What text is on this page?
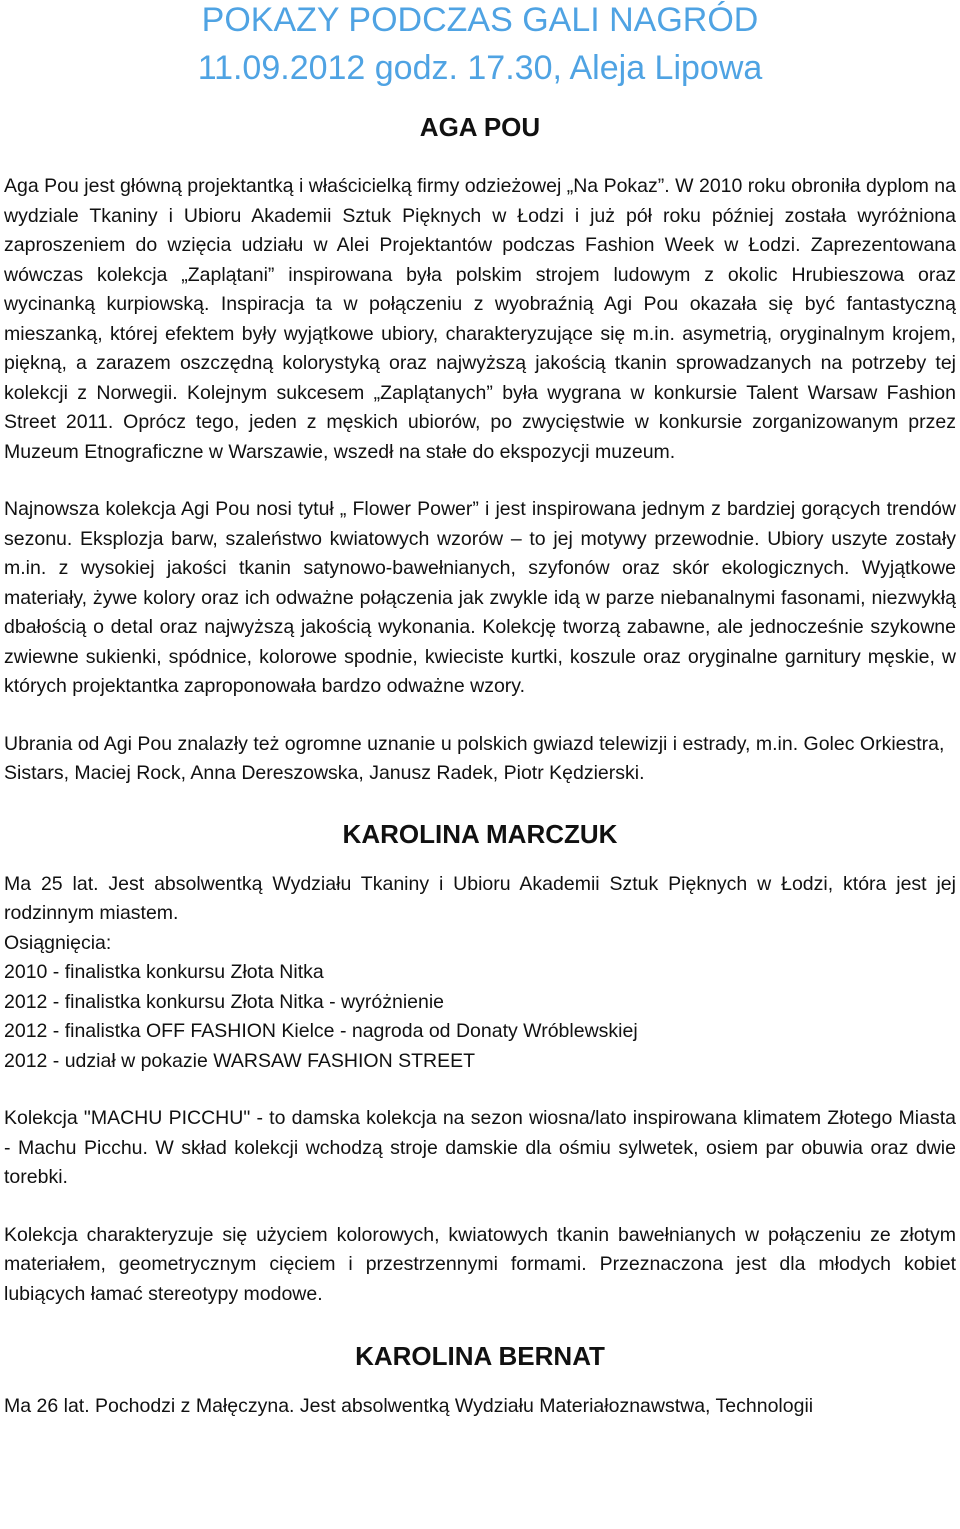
POKAZY PODCZAS GALI NAGRÓD
11.09.2012 godz. 17.30, Aleja Lipowa
AGA POU

Aga Pou jest główną projektantką i właścicielką firmy odzieżowej „Na Pokaz”. W 2010 roku obroniła dyplom na wydziale Tkaniny i Ubioru Akademii Sztuk Pięknych w Łodzi i już pół roku później została wyróżniona zaproszeniem do wzięcia udziału w Alei Projektantów podczas Fashion Week w Łodzi. Zaprezentowana wówczas kolekcja „Zaplątani” inspirowana była polskim strojem ludowym z okolic Hrubieszowa oraz wycinanką kurpiowską. Inspiracja ta w połączeniu z wyobraźnią Agi Pou okazała się być fantastyczną mieszanką, której efektem były wyjątkowe ubiory, charakteryzujące się m.in. asymetrią, oryginalnym krojem, piękną, a zarazem oszczędną kolorystyką oraz najwyższą jakością tkanin sprowadzanych na potrzeby tej kolekcji z Norwegii. Kolejnym sukcesem „Zaplątanych” była wygrana w konkursie Talent Warsaw Fashion Street 2011. Oprócz tego, jeden z męskich ubiorów, po zwycięstwie w konkursie zorganizowanym przez Muzeum Etnograficzne w Warszawie, wszedł na stałe do ekspozycji muzeum.

Najnowsza kolekcja Agi Pou nosi tytuł „ Flower Power” i jest inspirowana jednym z bardziej gorących trendów sezonu. Eksplozja barw, szaleństwo kwiatowych wzorów – to jej motywy przewodnie. Ubiory uszyte zostały m.in. z wysokiej jakości tkanin satynowo-bawełnianych, szyfonów oraz skór ekologicznych. Wyjątkowe materiały, żywe kolory oraz ich odważne połączenia jak zwykle idą w parze niebanalnymi fasonami, niezwykłą dbałością o detal oraz najwyższą jakością wykonania. Kolekcję tworzą zabawne, ale jednocześnie szykowne zwiewne sukienki, spódnice, kolorowe spodnie, kwieciste kurtki, koszule oraz oryginalne garnitury męskie, w których projektantka zaproponowała bardzo odważne wzory.

Ubrania od Agi Pou znalazły też ogromne uznanie u polskich gwiazd telewizji i estrady, m.in. Golec Orkiestra, Sistars, Maciej Rock, Anna Dereszowska, Janusz Radek, Piotr Kędzierski.

KAROLINA MARCZUK

Ma 25 lat. Jest absolwentką Wydziału Tkaniny i Ubioru Akademii Sztuk Pięknych w Łodzi, która jest jej rodzinnym miastem.

Osiągnięcia:
2010 - finalistka konkursu Złota Nitka
2012 - finalistka konkursu Złota Nitka - wyróżnienie
2012 - finalistka OFF FASHION Kielce - nagroda od Donaty Wróblewskiej
2012 - udział w pokazie WARSAW FASHION STREET

Kolekcja "MACHU PICCHU" - to damska kolekcja na sezon wiosna/lato inspirowana klimatem Złotego Miasta - Machu Picchu. W skład kolekcji wchodzą stroje damskie dla ośmiu sylwetek, osiem par obuwia oraz dwie torebki.

Kolekcja charakteryzuje się użyciem kolorowych, kwiatowych tkanin bawełnianych w połączeniu ze złotym materiałem, geometrycznym cięciem i przestrzennymi formami. Przeznaczona jest dla młodych kobiet lubiących łamać stereotypy modowe.

KAROLINA BERNAT

Ma 26 lat. Pochodzi z Małęczyna. Jest absolwentką Wydziału Materiałoznawstwa, Technologii
